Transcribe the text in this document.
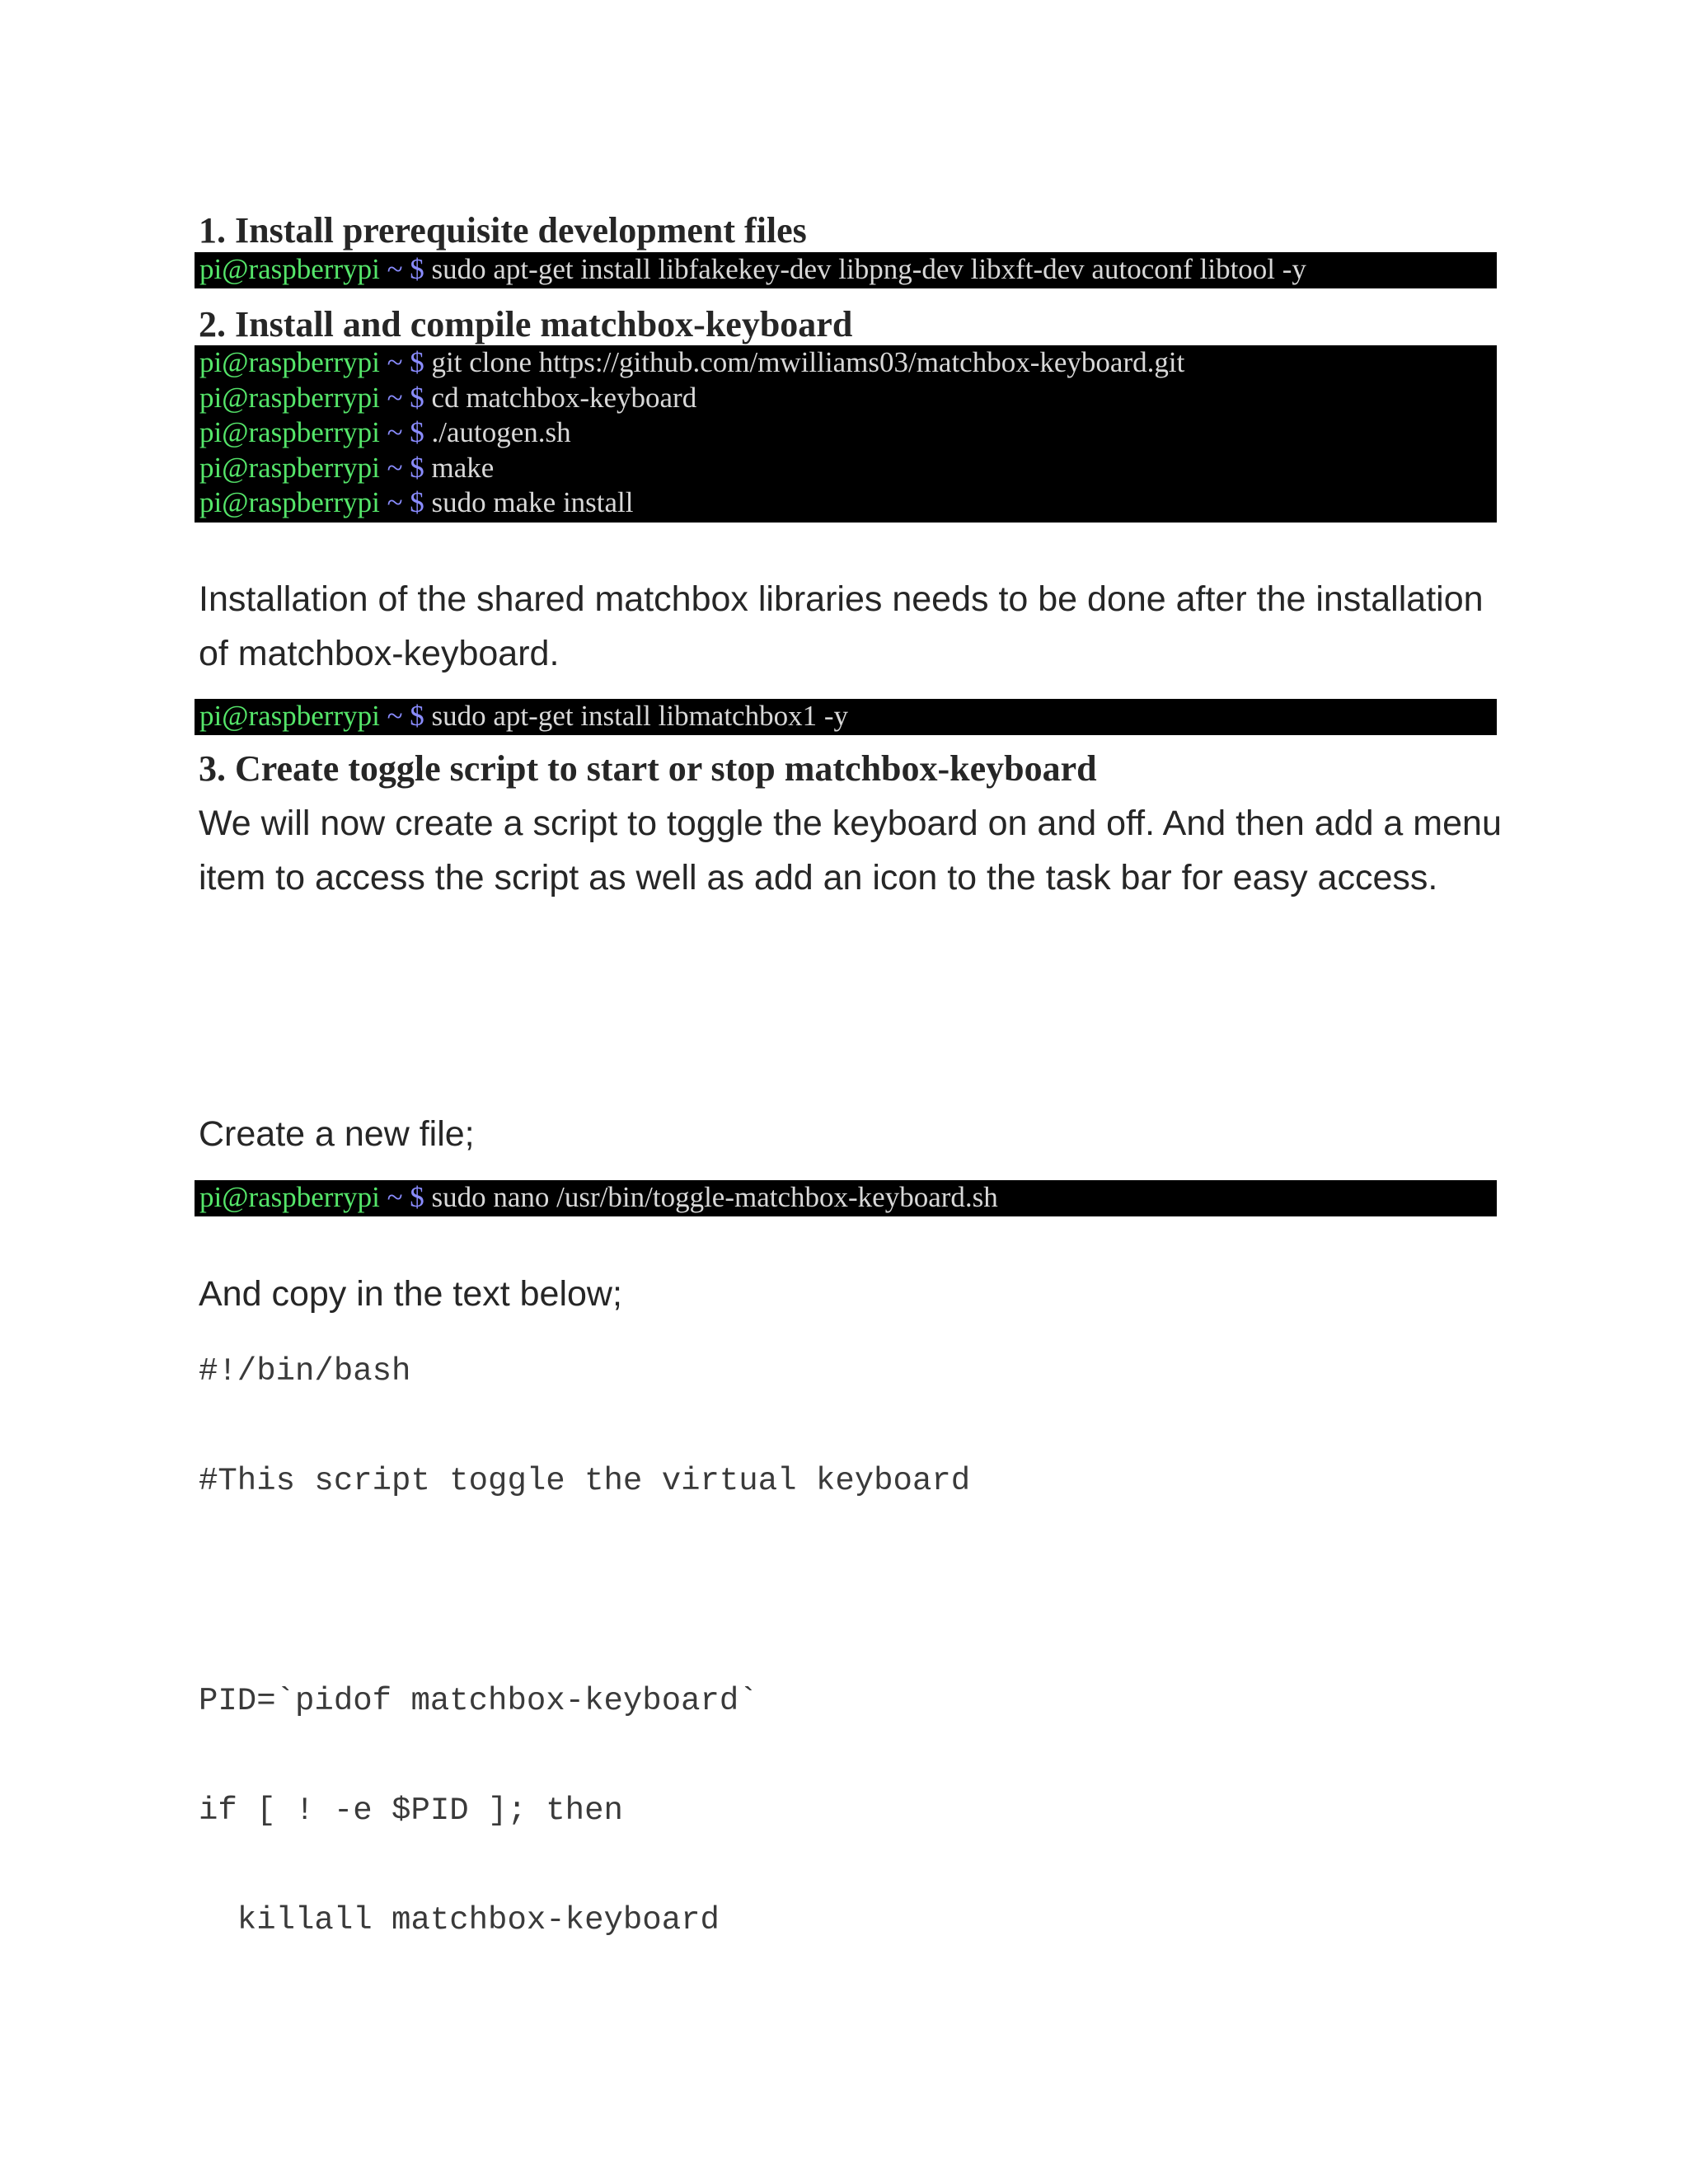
1. Install prerequisite development files
pi@raspberrypi ~ $ sudo apt-get install libfakekey-dev libpng-dev libxft-dev autoconf libtool -y
2. Install and compile matchbox-keyboard
pi@raspberrypi ~ $ git clone https://github.com/mwilliams03/matchbox-keyboard.git
pi@raspberrypi ~ $ cd matchbox-keyboard
pi@raspberrypi ~ $ ./autogen.sh
pi@raspberrypi ~ $ make
pi@raspberrypi ~ $ sudo make install

Installation of the shared matchbox libraries needs to be done after the installation of matchbox-keyboard.

pi@raspberrypi ~ $ sudo apt-get install libmatchbox1 -y
3. Create toggle script to start or stop matchbox-keyboard

We will now create a script to toggle the keyboard on and off. And then add a menu item to access the script as well as add an icon to the task bar for easy access.

Create a new file;

pi@raspberrypi ~ $ sudo nano /usr/bin/toggle-matchbox-keyboard.sh

And copy in the text below;

#!/bin/bash
#This script toggle the virtual keyboard
PID=`pidof matchbox-keyboard`
if [ ! -e $PID ]; then
killall matchbox-keyboard
